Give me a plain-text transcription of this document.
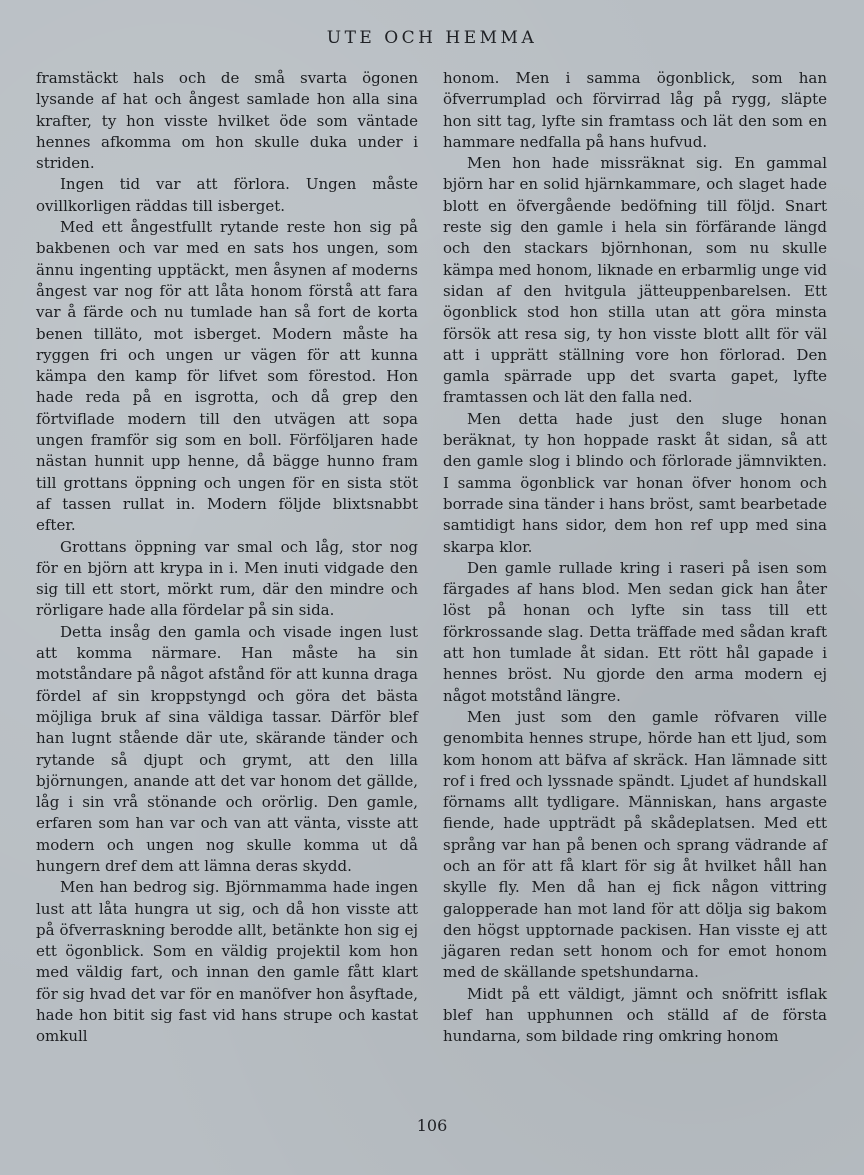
UTE OCH HEMMA

framstäckt hals och de små svarta ögonen lysande af hat och ångest samlade hon alla sina krafter, ty hon visste hvilket öde som väntade hennes afkomma om hon skulle duka under i striden.

Ingen tid var att förlora. Ungen måste ovillkorligen räddas till isberget.

Med ett ångestfullt rytande reste hon sig på bakbenen och var med en sats hos ungen, som ännu ingenting upptäckt, men åsynen af moderns ångest var nog för att låta honom förstå att fara var å färde och nu tumlade han så fort de korta benen tilläto, mot isberget. Modern måste ha ryggen fri och ungen ur vägen för att kunna kämpa den kamp för lifvet som förestod. Hon hade reda på en isgrotta, och då grep den förtviflade modern till den utvägen att sopa ungen framför sig som en boll. Förföljaren hade nästan hunnit upp henne, då bägge hunno fram till grottans öppning och ungen för en sista stöt af tassen rullat in. Modern följde blixtsnabbt efter.

Grottans öppning var smal och låg, stor nog för en björn att krypa in i. Men inuti vidgade den sig till ett stort, mörkt rum, där den mindre och rörligare hade alla fördelar på sin sida.

Detta insåg den gamla och visade ingen lust att komma närmare. Han måste ha sin motståndare på något afstånd för att kunna draga fördel af sin kroppstyngd och göra det bästa möjliga bruk af sina väldiga tassar. Därför blef han lugnt stående där ute, skärande tänder och rytande så djupt och grymt, att den lilla björnungen, anande att det var honom det gällde, låg i sin vrå stönande och orörlig. Den gamle, erfaren som han var och van att vänta, visste att modern och ungen nog skulle komma ut då hungern dref dem att lämna deras skydd.

Men han bedrog sig. Björnmamma hade ingen lust att låta hungra ut sig, och då hon visste att på öfverraskning berodde allt, betänkte hon sig ej ett ögonblick. Som en väldig projektil kom hon med väldig fart, och innan den gamle fått klart för sig hvad det var för en manöfver hon åsyftade, hade hon bitit sig fast vid hans strupe och kastat omkull

honom. Men i samma ögonblick, som han öfverrumplad och förvirrad låg på rygg, släpte hon sitt tag, lyfte sin framtass och lät den som en hammare nedfalla på hans hufvud.

Men hon hade missräknat sig. En gammal björn har en solid hjärnkammare, och slaget hade blott en öfvergående bedöfning till följd. Snart reste sig den gamle i hela sin förfärande längd och den stackars björnhonan, som nu skulle kämpa med honom, liknade en erbarmlig unge vid sidan af den hvitgula jätteuppenbarelsen. Ett ögonblick stod hon stilla utan att göra minsta försök att resa sig, ty hon visste blott allt för väl att i upprätt ställning vore hon förlorad. Den gamla spärrade upp det svarta gapet, lyfte framtassen och lät den falla ned.

Men detta hade just den sluge honan beräknat, ty hon hoppade raskt åt sidan, så att den gamle slog i blindo och förlorade jämnvikten. I samma ögonblick var honan öfver honom och borrade sina tänder i hans bröst, samt bearbetade samtidigt hans sidor, dem hon ref upp med sina skarpa klor.

Den gamle rullade kring i raseri på isen som färgades af hans blod. Men sedan gick han åter löst på honan och lyfte sin tass till ett förkrossande slag. Detta träffade med sådan kraft att hon tumlade åt sidan. Ett rött hål gapade i hennes bröst. Nu gjorde den arma modern ej något motstånd längre.

Men just som den gamle röfvaren ville genombita hennes strupe, hörde han ett ljud, som kom honom att bäfva af skräck. Han lämnade sitt rof i fred och lyssnade spändt. Ljudet af hundskall förnams allt tydligare. Människan, hans argaste fiende, hade uppträdt på skådeplatsen. Med ett språng var han på benen och sprang vädrande af och an för att få klart för sig åt hvilket håll han skylle fly. Men då han ej fick någon vittring galopperade han mot land för att dölja sig bakom den högst upptornade packisen. Han visste ej att jägaren redan sett honom och for emot honom med de skällande spetshundarna.

Midt på ett väldigt, jämnt och snöfritt isflak blef han upphunnen och ställd af de första hundarna, som bildade ring omkring honom

106
